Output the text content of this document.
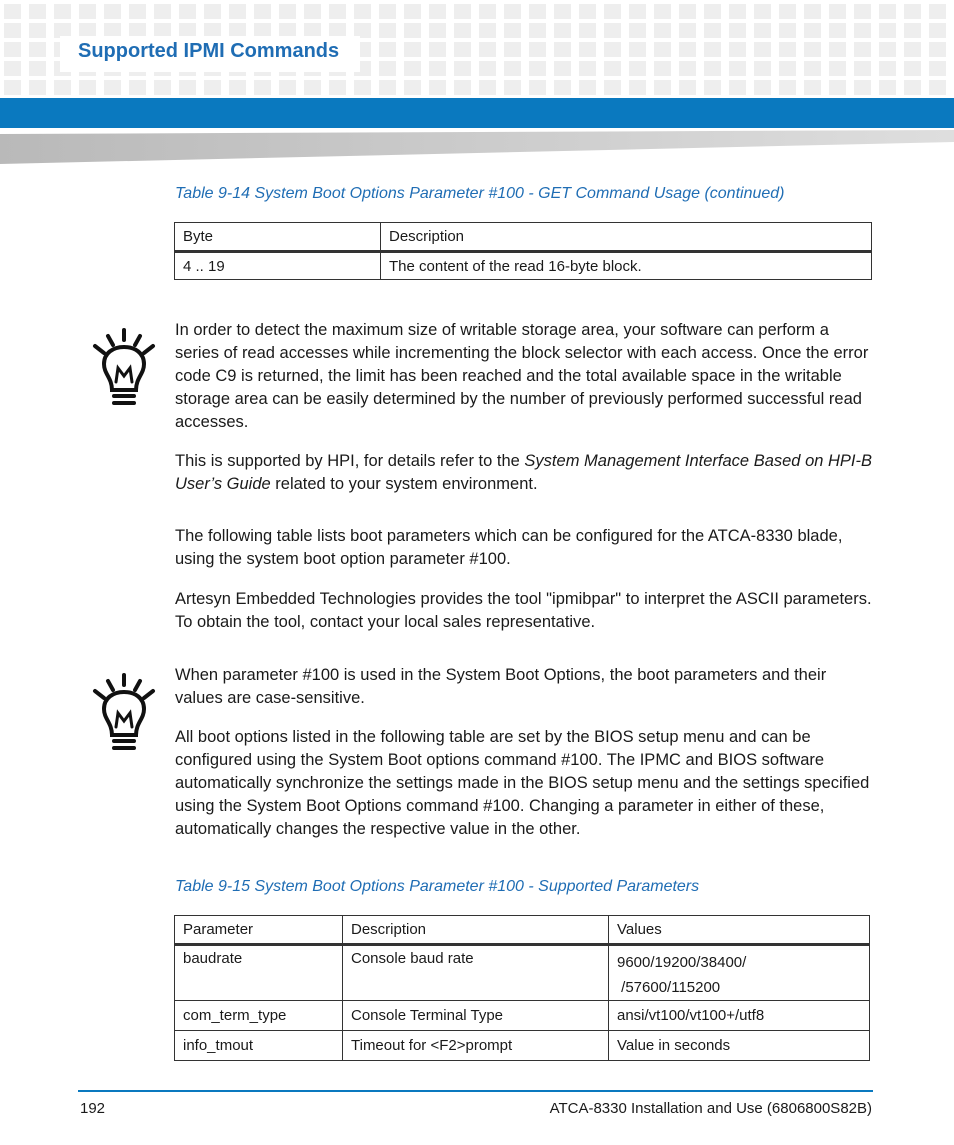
Supported IPMI Commands

Table 9-14 System Boot Options Parameter #100 - GET Command Usage (continued)

Byte	Description
4 .. 19	The content of the read 16-byte block.

In order to detect the maximum size of writable storage area, your software can perform a series of read accesses while incrementing the block selector with each access. Once the error code C9 is returned, the limit has been reached and the total available space in the writable storage area can be easily determined by the number of previously performed successful read accesses.

This is supported by HPI, for details refer to the System Management Interface Based on HPI-B User’s Guide related to your system environment.

The following table lists boot parameters which can be configured for the ATCA-8330 blade, using the system boot option parameter #100.

Artesyn Embedded Technologies provides the tool "ipmibpar" to interpret the ASCII parameters. To obtain the tool, contact your local sales representative.

When parameter #100 is used in the System Boot Options, the boot parameters and their values are case-sensitive.

All boot options listed in the following table are set by the BIOS setup menu and can be configured using the System Boot options command #100. The IPMC and BIOS software automatically synchronize the settings made in the BIOS setup menu and the settings specified using the System Boot Options command #100. Changing a parameter in either of these, automatically changes the respective value in the other.

Table 9-15 System Boot Options Parameter #100 - Supported Parameters

Parameter	Description	Values
baudrate	Console baud rate	9600/19200/38400/
/57600/115200
com_term_type	Console Terminal Type	ansi/vt100/vt100+/utf8
info_tmout	Timeout for <F2>prompt	Value in seconds
192	ATCA-8330 Installation and Use (6806800S82B)
